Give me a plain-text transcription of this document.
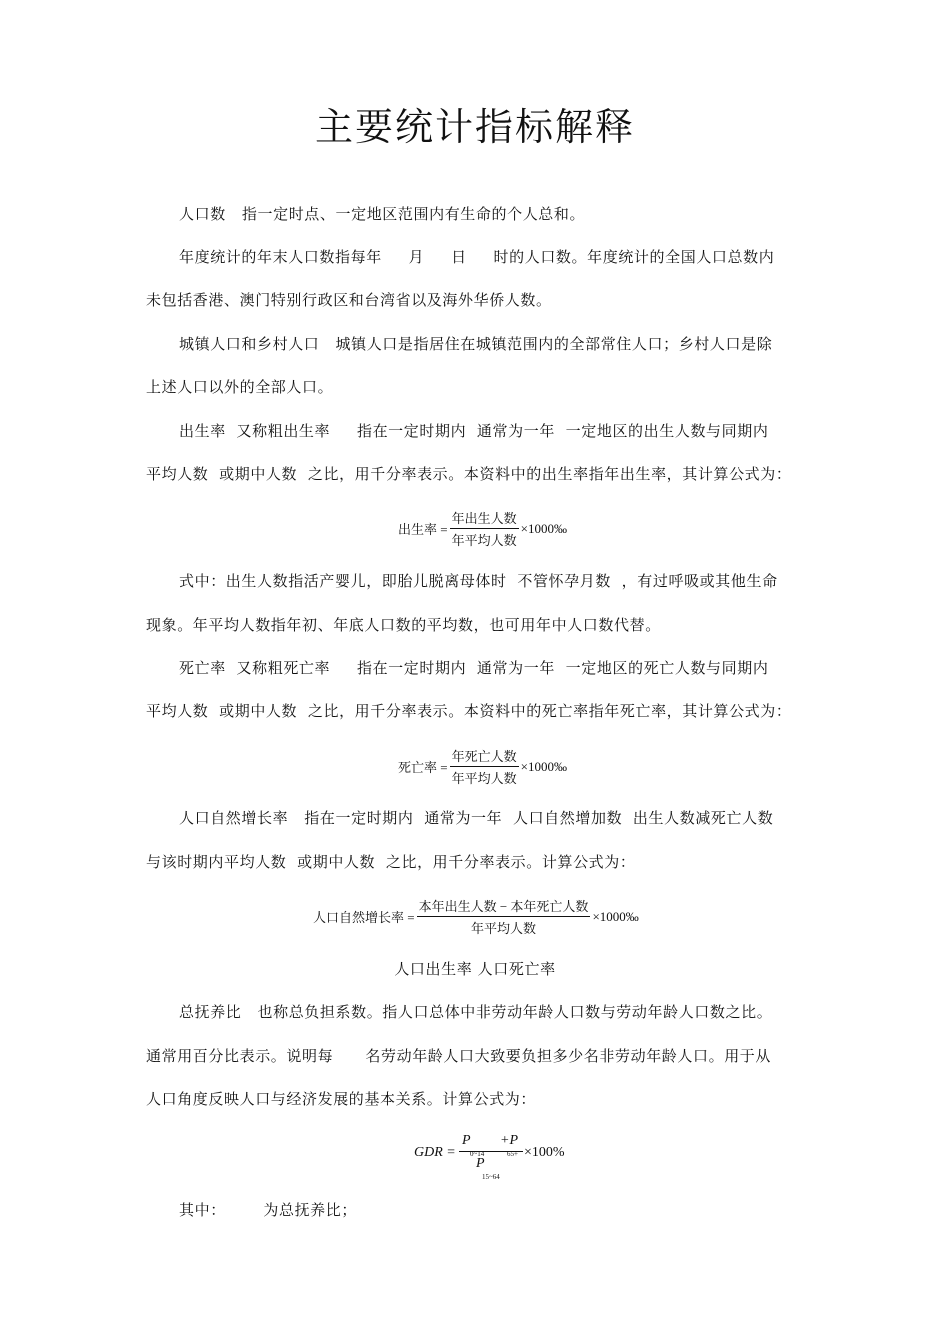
主要统计指标解释
人口数   指一定时点、一定地区范围内有生命的个人总和。
年度统计的年末人口数指每年     月     日     时的人口数。年度统计的全国人口总数内
未包括香港、澳门特别行政区和台湾省以及海外华侨人数。
城镇人口和乡村人口   城镇人口是指居住在城镇范围内的全部常住人口；乡村人口是除
上述人口以外的全部人口。
出生率  又称粗出生率     指在一定时期内  通常为一年  一定地区的出生人数与同期内
平均人数  或期中人数  之比，用千分率表示。本资料中的出生率指年出生率，其计算公式为：
出生率 = $\frac{\text{年出生人数}}{\text{年平均人数}}$ ×1000‰
式中：出生人数指活产婴儿，即胎儿脱离母体时  不管怀孕月数  ，有过呼吸或其他生命
现象。年平均人数指年初、年底人口数的平均数，也可用年中人口数代替。
死亡率  又称粗死亡率     指在一定时期内  通常为一年  一定地区的死亡人数与同期内
平均人数  或期中人数  之比，用千分率表示。本资料中的死亡率指年死亡率，其计算公式为：
死亡率 = $\frac{\text{年死亡人数}}{\text{年平均人数}}$ ×1000‰
人口自然增长率   指在一定时期内  通常为一年  人口自然增加数  出生人数减死亡人数
与该时期内平均人数  或期中人数  之比，用千分率表示。计算公式为：
人口自然增长率 = $\frac{\text{本年出生人数 − 本年死亡人数}}{\text{年平均人数}}$ ×1000‰
人口出生率 人口死亡率
总抚养比   也称总负担系数。指人口总体中非劳动年龄人口数与劳动年龄人口数之比。
通常用百分比表示。说明每      名劳动年龄人口大致要负担多少名非劳动年龄人口。用于从
人口角度反映人口与经济发展的基本关系。计算公式为：
GDR =
P
0~14
+P
65+
P
15~64
×100%
其中：       为总抚养比；
